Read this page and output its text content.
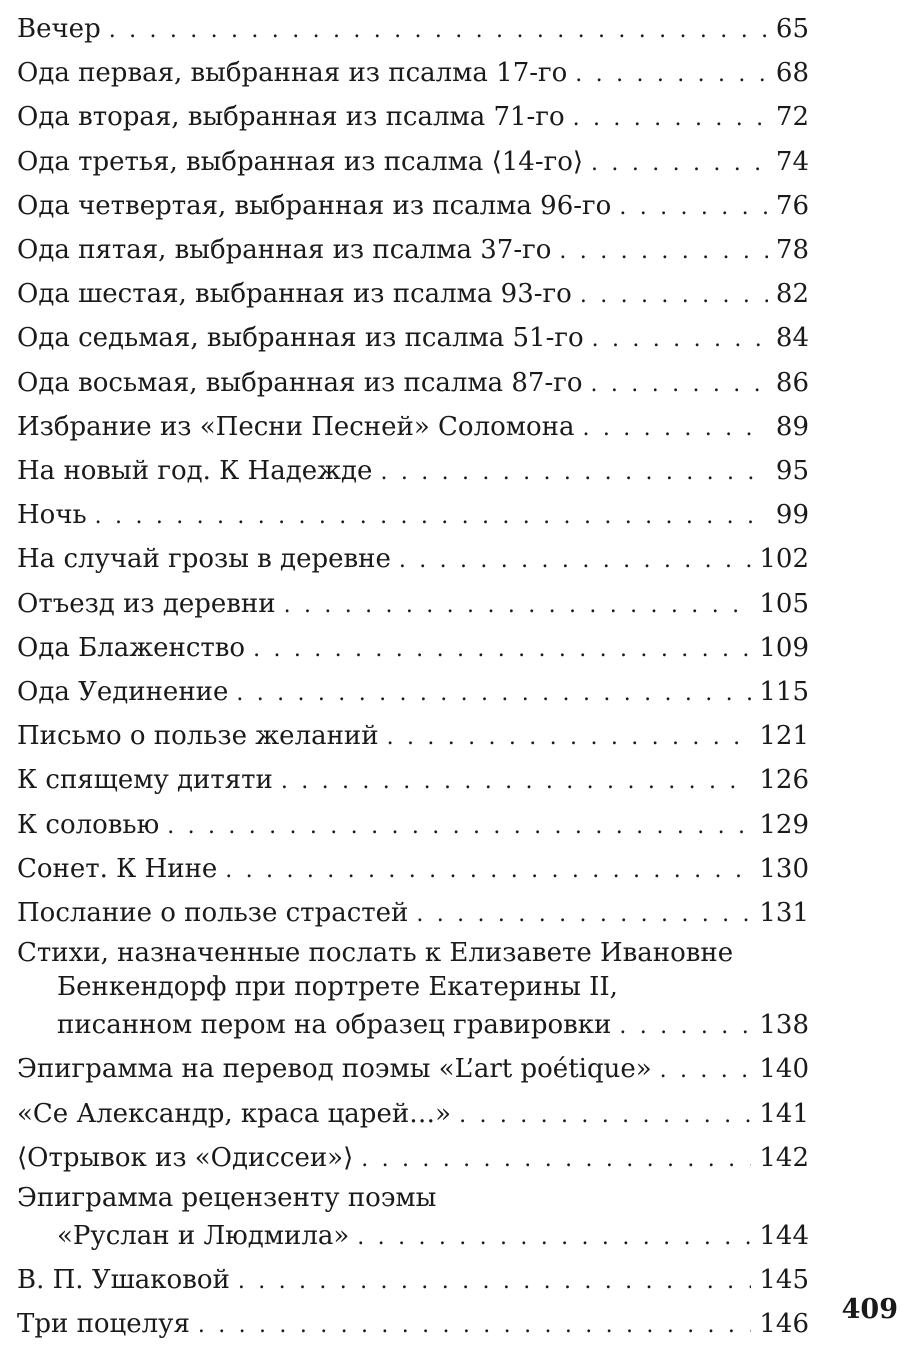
Вечер . . .	65
Ода первая, выбранная из псалма 17-го . . .	68
Ода вторая, выбранная из псалма 71-го . . .	72
Ода третья, выбранная из псалма ⟨14-го⟩ . . .	74
Ода четвертая, выбранная из псалма 96-го . . .	76
Ода пятая, выбранная из псалма 37-го . . .	78
Ода шестая, выбранная из псалма 93-го . . .	82
Ода седьмая, выбранная из псалма 51-го . . .	84
Ода восьмая, выбранная из псалма 87-го . . .	86
Избрание из «Песни Песней» Соломона . . .	89
На новый год. К Надежде . . .	95
Ночь . . .	99
На случай грозы в деревне . . .	102
Отъезд из деревни . . .	105
Ода Блаженство . . .	109
Ода Уединение . . .	115
Письмо о пользе желаний . . .	121
К спящему дитяти . . .	126
К соловью . . .	129
Сонет. К Нине . . .	130
Послание о пользе страстей . . .	131
Стихи, назначенные послать к Елизавете Ивановне
Бенкендорф при портрете Екатерины II,
писанном пером на образец гравировки . . .	138
Эпиграмма на перевод поэмы «L’art poétique» . . .	140
«Се Александр, краса царей…» . . .	141
⟨Отрывок из «Одиссеи»⟩ . . .	142
Эпиграмма рецензенту поэмы
«Руслан и Людмила» . . .	144
В. П. Ушаковой . . .	145
Три поцелуя . . .	146 409
